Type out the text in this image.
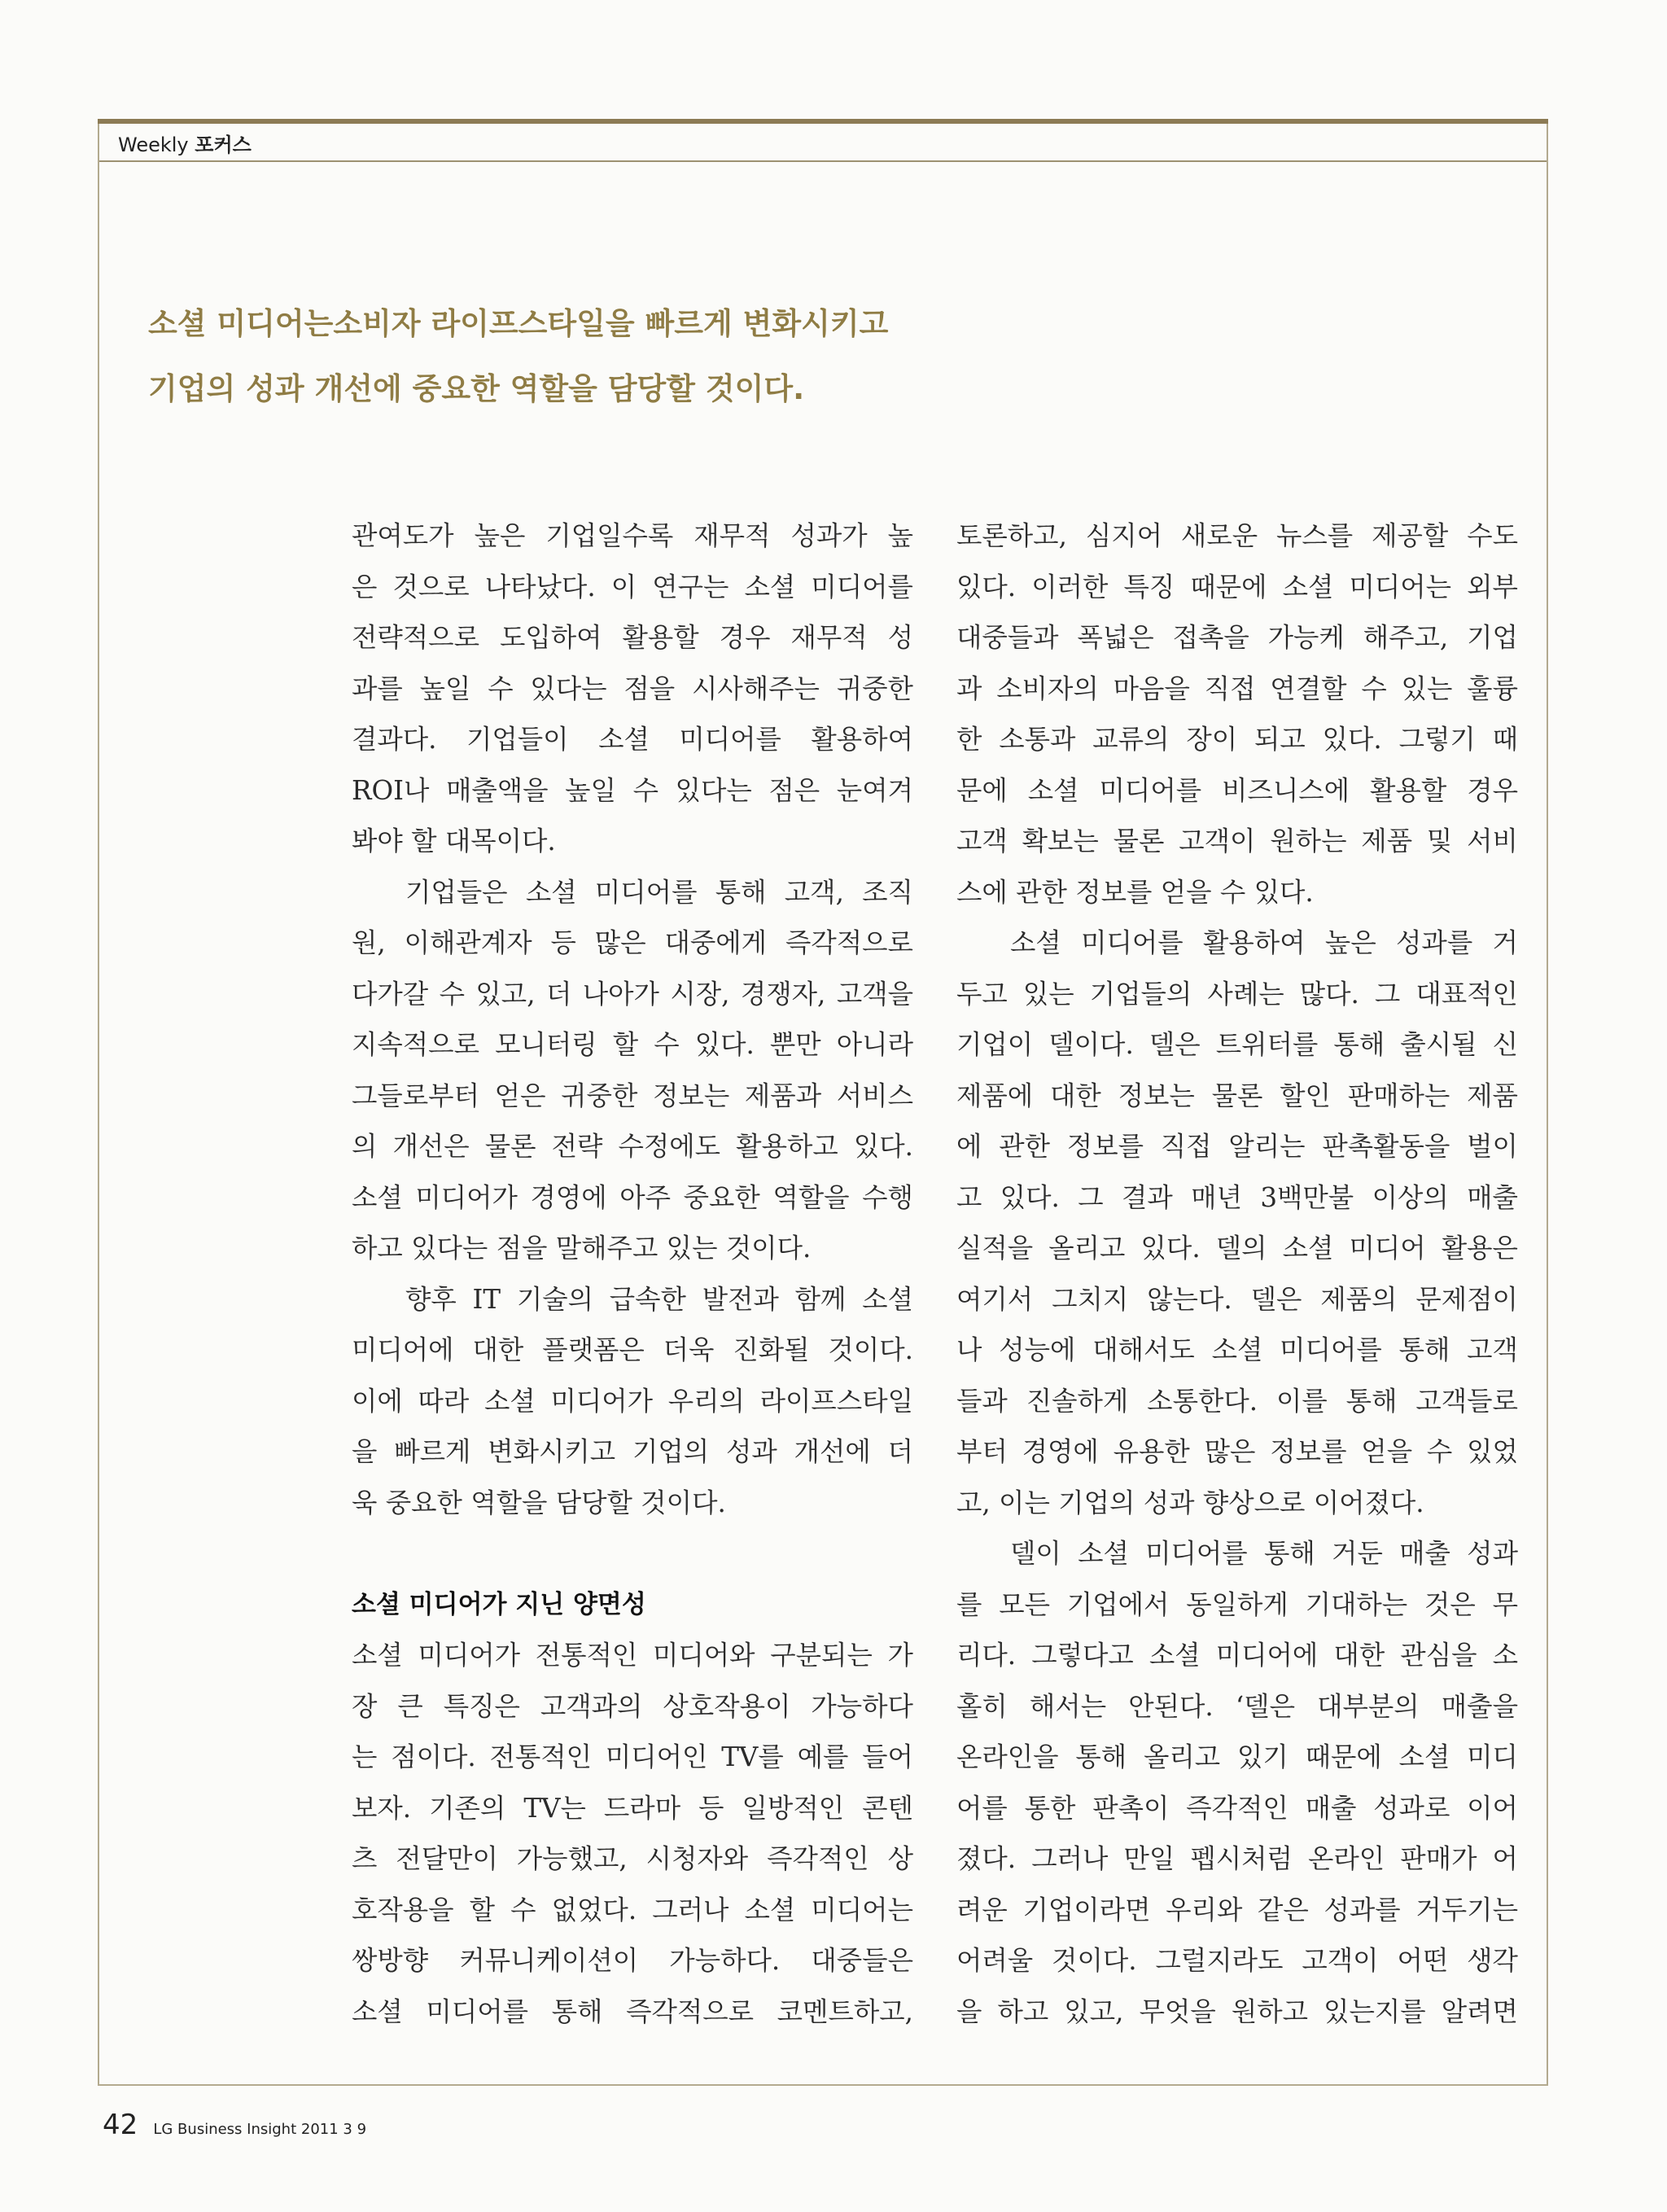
Weekly 포커스
소셜 미디어는소비자 라이프스타일을 빠르게 변화시키고
기업의 성과 개선에 중요한 역할을 담당할 것이다.
관여도가 높은 기업일수록 재무적 성과가 높
은 것으로 나타났다. 이 연구는 소셜 미디어를
전략적으로 도입하여 활용할 경우 재무적 성
과를 높일 수 있다는 점을 시사해주는 귀중한
결과다. 기업들이 소셜 미디어를 활용하여
ROI나 매출액을 높일 수 있다는 점은 눈여겨
봐야 할 대목이다.
기업들은 소셜 미디어를 통해 고객, 조직
원, 이해관계자 등 많은 대중에게 즉각적으로
다가갈 수 있고, 더 나아가 시장, 경쟁자, 고객을
지속적으로 모니터링 할 수 있다. 뿐만 아니라
그들로부터 얻은 귀중한 정보는 제품과 서비스
의 개선은 물론 전략 수정에도 활용하고 있다.
소셜 미디어가 경영에 아주 중요한 역할을 수행
하고 있다는 점을 말해주고 있는 것이다.
향후 IT 기술의 급속한 발전과 함께 소셜
미디어에 대한 플랫폼은 더욱 진화될 것이다.
이에 따라 소셜 미디어가 우리의 라이프스타일
을 빠르게 변화시키고 기업의 성과 개선에 더
욱 중요한 역할을 담당할 것이다.
소셜 미디어가 지닌 양면성
소셜 미디어가 전통적인 미디어와 구분되는 가
장 큰 특징은 고객과의 상호작용이 가능하다
는 점이다. 전통적인 미디어인 TV를 예를 들어
보자. 기존의 TV는 드라마 등 일방적인 콘텐
츠 전달만이 가능했고, 시청자와 즉각적인 상
호작용을 할 수 없었다. 그러나 소셜 미디어는
쌍방향 커뮤니케이션이 가능하다. 대중들은
소셜 미디어를 통해 즉각적으로 코멘트하고,
토론하고, 심지어 새로운 뉴스를 제공할 수도
있다. 이러한 특징 때문에 소셜 미디어는 외부
대중들과 폭넓은 접촉을 가능케 해주고, 기업
과 소비자의 마음을 직접 연결할 수 있는 훌륭
한 소통과 교류의 장이 되고 있다. 그렇기 때
문에 소셜 미디어를 비즈니스에 활용할 경우
고객 확보는 물론 고객이 원하는 제품 및 서비
스에 관한 정보를 얻을 수 있다.
소셜 미디어를 활용하여 높은 성과를 거
두고 있는 기업들의 사례는 많다. 그 대표적인
기업이 델이다. 델은 트위터를 통해 출시될 신
제품에 대한 정보는 물론 할인 판매하는 제품
에 관한 정보를 직접 알리는 판촉활동을 벌이
고 있다. 그 결과 매년 3백만불 이상의 매출
실적을 올리고 있다. 델의 소셜 미디어 활용은
여기서 그치지 않는다. 델은 제품의 문제점이
나 성능에 대해서도 소셜 미디어를 통해 고객
들과 진솔하게 소통한다. 이를 통해 고객들로
부터 경영에 유용한 많은 정보를 얻을 수 있었
고, 이는 기업의 성과 향상으로 이어졌다.
델이 소셜 미디어를 통해 거둔 매출 성과
를 모든 기업에서 동일하게 기대하는 것은 무
리다. 그렇다고 소셜 미디어에 대한 관심을 소
홀히 해서는 안된다. ‘델은 대부분의 매출을
온라인을 통해 올리고 있기 때문에 소셜 미디
어를 통한 판촉이 즉각적인 매출 성과로 이어
졌다. 그러나 만일 펩시처럼 온라인 판매가 어
려운 기업이라면 우리와 같은 성과를 거두기는
어려울 것이다. 그럴지라도 고객이 어떤 생각
을 하고 있고, 무엇을 원하고 있는지를 알려면
42 LG Business Insight 2011 3 9
